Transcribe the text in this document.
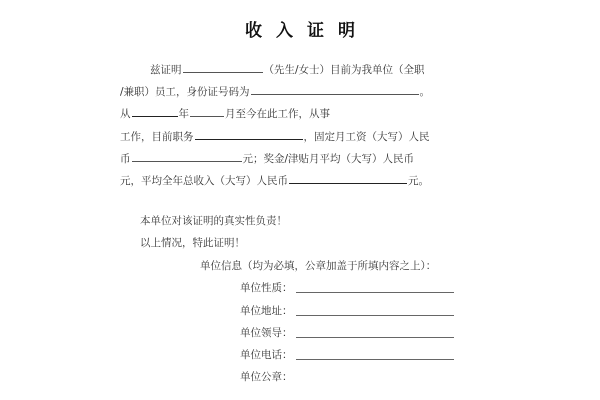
收入证明
兹证明	（先生/女士）目前为我单位（全职
/兼职）员工，身份证号码为	。
从	年	月至今在此工作，从事
工作，目前职务	，固定月工资（大写）人民
币	元；奖金/津贴月平均（大写）人民币
元，平均全年总收入（大写）人民币	元。
本单位对该证明的真实性负责！
以上情况，特此证明！
单位信息（均为必填，公章加盖于所填内容之上）：
单位性质：
单位地址：
单位领导：
单位电话：
单位公章：
